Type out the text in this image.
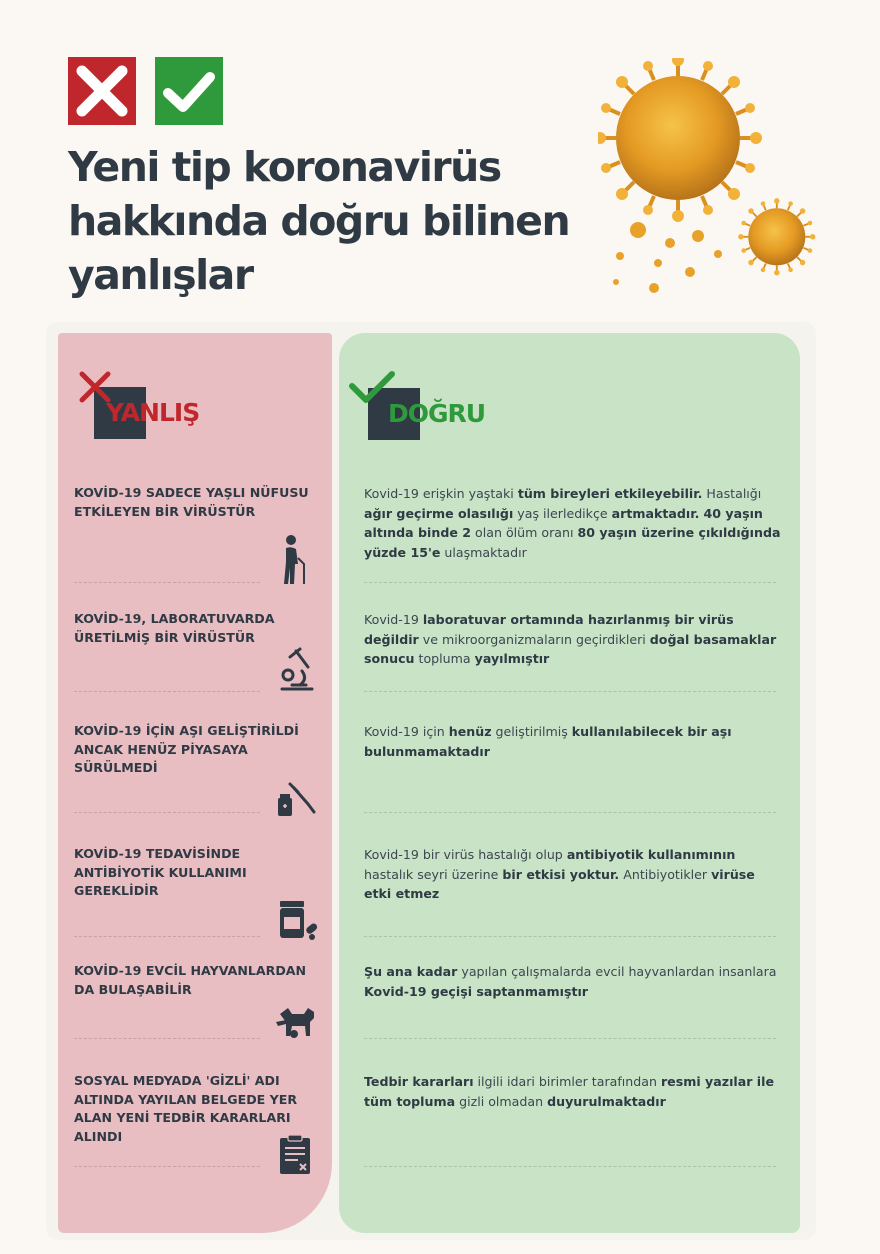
Yeni tip koronavirüs
hakkında doğru bilinen
yanlışlar
YANLIŞ	DOĞRU
KOVİD-19 SADECE YAŞLI NÜFUSU ETKİLEYEN BİR VİRÜSTÜR
Kovid-19 erişkin yaştaki tüm bireyleri etkileyebilir. Hastalığı ağır geçirme olasılığı yaş ilerledikçe artmaktadır. 40 yaşın altında binde 2 olan ölüm oranı 80 yaşın üzerine çıkıldığında yüzde 15'e ulaşmaktadır
KOVİD-19, LABORATUVARDA ÜRETİLMİŞ BİR VİRÜSTÜR
Kovid-19 laboratuvar ortamında hazırlanmış bir virüs değildir ve mikroorganizmaların geçirdikleri doğal basamaklar sonucu topluma yayılmıştır
KOVİD-19 İÇİN AŞI GELİŞTİRİLDİ ANCAK HENÜZ PİYASAYA SÜRÜLMEDİ
Kovid-19 için henüz geliştirilmiş kullanılabilecek bir aşı bulunmamaktadır
KOVİD-19 TEDAVİSİNDE ANTİBİYOTİK KULLANIMI GEREKLİDİR
Kovid-19 bir virüs hastalığı olup antibiyotik kullanımının hastalık seyri üzerine bir etkisi yoktur. Antibiyotikler virüse etki etmez
KOVİD-19 EVCİL HAYVANLARDAN DA BULAŞABİLİR
Şu ana kadar yapılan çalışmalarda evcil hayvanlardan insanlara Kovid-19 geçişi saptanmamıştır
SOSYAL MEDYADA 'GİZLİ' ADI ALTINDA YAYILAN BELGEDE YER ALAN YENİ TEDBİR KARARLARI ALINDI
Tedbir kararları ilgili idari birimler tarafından resmi yazılar ile tüm topluma gizli olmadan duyurulmaktadır
